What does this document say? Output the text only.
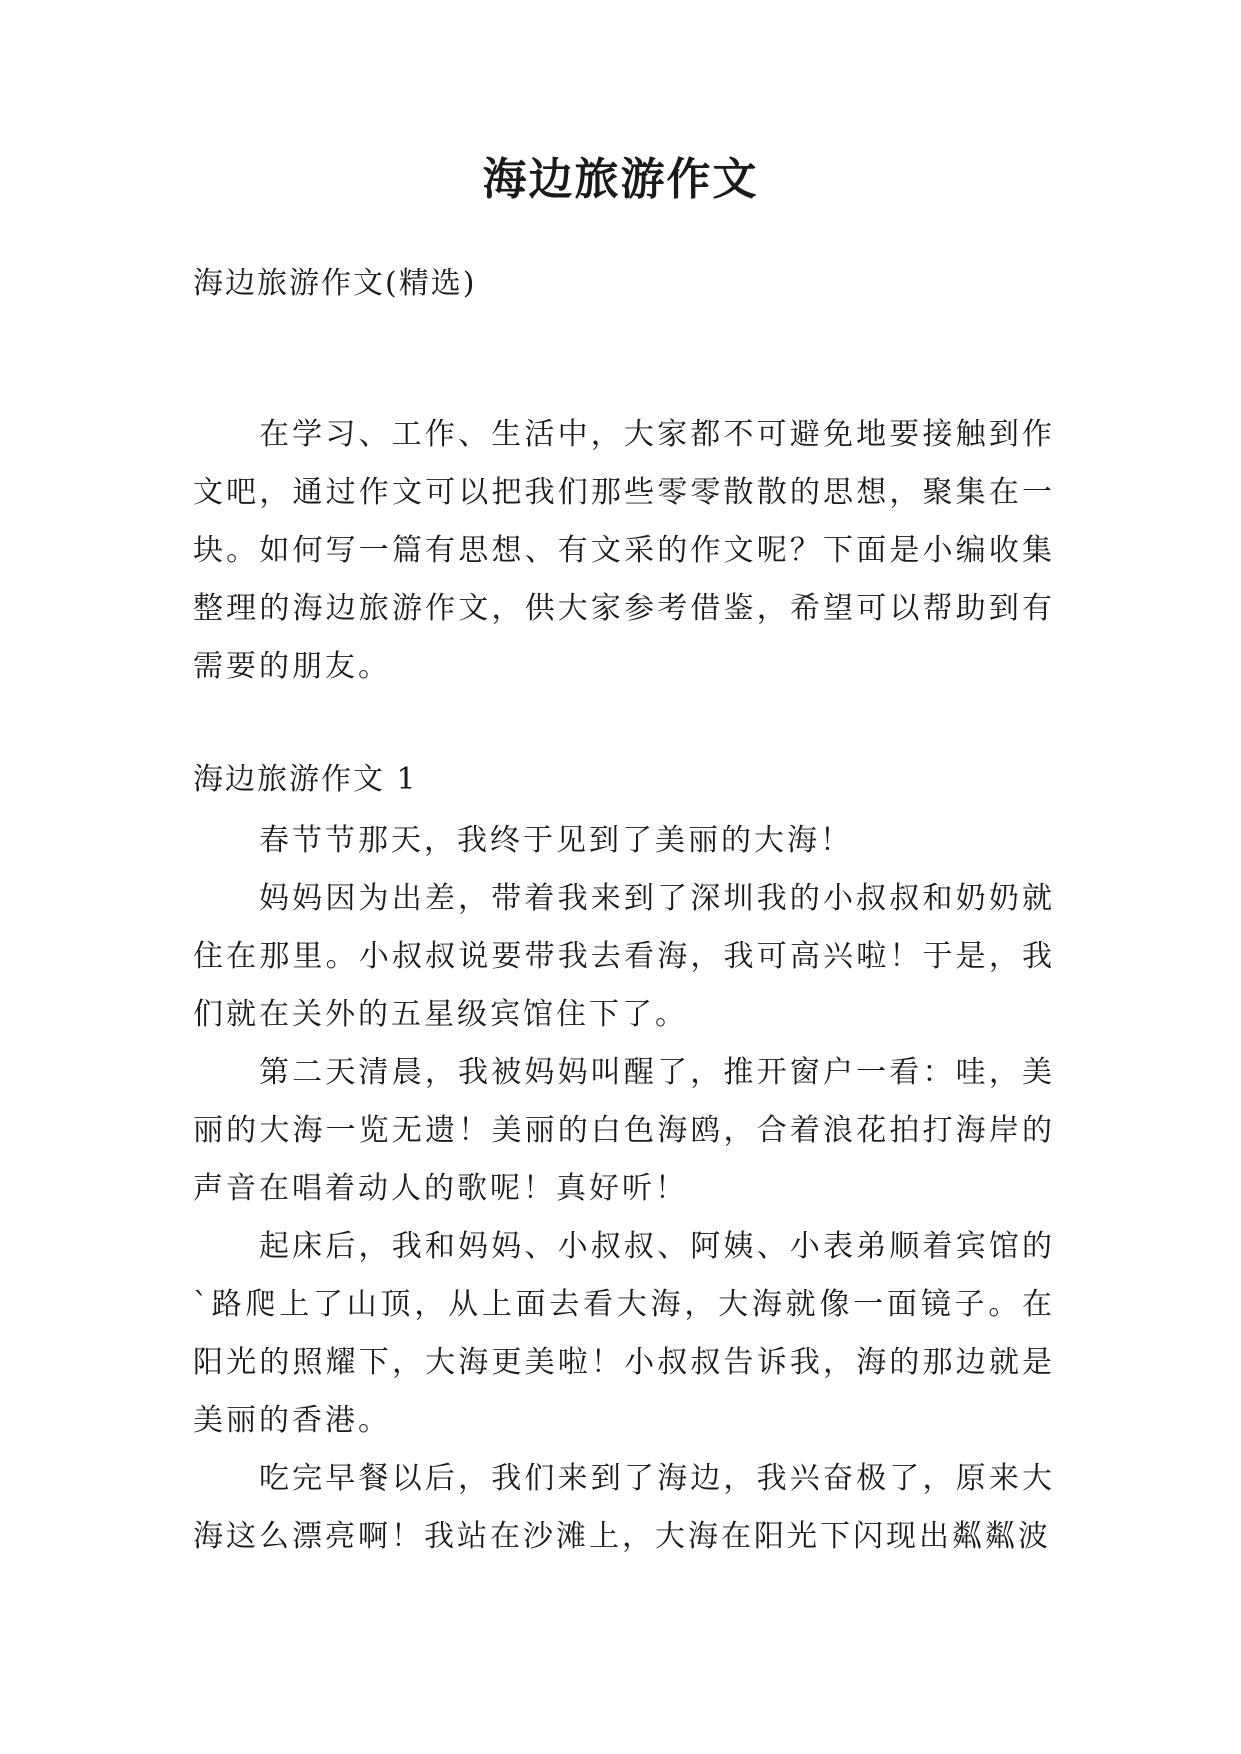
海边旅游作文
海边旅游作文(精选)

在学习、工作、生活中，大家都不可避免地要接触到作文吧，通过作文可以把我们那些零零散散的思想，聚集在一块。如何写一篇有思想、有文采的作文呢？下面是小编收集整理的海边旅游作文，供大家参考借鉴，希望可以帮助到有需要的朋友。

海边旅游作文 1

春节节那天，我终于见到了美丽的大海！

妈妈因为出差，带着我来到了深圳我的小叔叔和奶奶就住在那里。小叔叔说要带我去看海，我可高兴啦！于是，我们就在关外的五星级宾馆住下了。

第二天清晨，我被妈妈叫醒了，推开窗户一看：哇，美丽的大海一览无遗！美丽的白色海鸥，合着浪花拍打海岸的声音在唱着动人的歌呢！真好听！

起床后，我和妈妈、小叔叔、阿姨、小表弟顺着宾馆的`路爬上了山顶，从上面去看大海，大海就像一面镜子。在阳光的照耀下，大海更美啦！小叔叔告诉我，海的那边就是美丽的香港。

吃完早餐以后，我们来到了海边，我兴奋极了，原来大海这么漂亮啊！我站在沙滩上，大海在阳光下闪现出粼粼波
